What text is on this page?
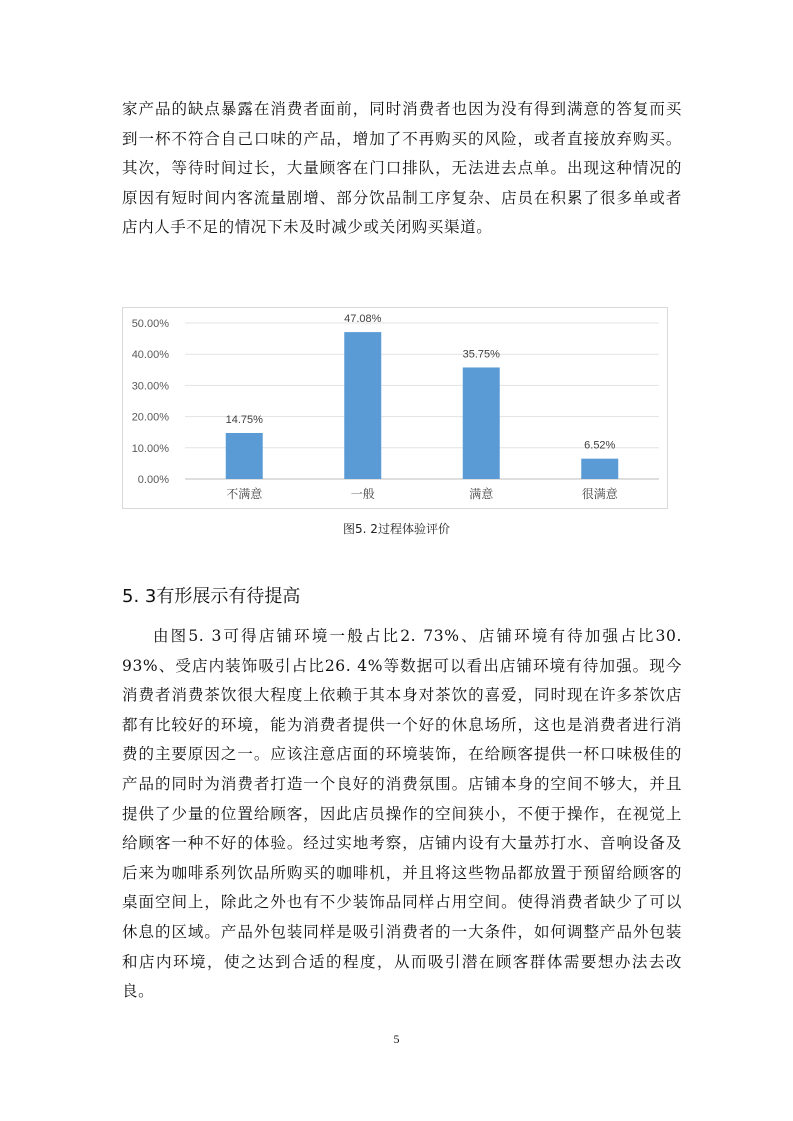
家产品的缺点暴露在消费者面前，同时消费者也因为没有得到满意的答复而买到一杯不符合自己口味的产品，增加了不再购买的风险，或者直接放弃购买。其次，等待时间过长，大量顾客在门口排队，无法进去点单。出现这种情况的原因有短时间内客流量剧增、部分饮品制工序复杂、店员在积累了很多单或者店内人手不足的情况下未及时减少或关闭购买渠道。

0.00%
10.00%
20.00%
30.00%
40.00%
50.00%
14.75%
不满意
47.08%
一般
35.75%
满意
6.52%
很满意
图5. 2过程体验评价
5. 3有形展示有待提高

由图5. 3可得店铺环境一般占比2. 73%、店铺环境有待加强占比30. 93%、受店内装饰吸引占比26. 4%等数据可以看出店铺环境有待加强。现今消费者消费茶饮很大程度上依赖于其本身对茶饮的喜爱，同时现在许多茶饮店都有比较好的环境，能为消费者提供一个好的休息场所，这也是消费者进行消费的主要原因之一。应该注意店面的环境装饰，在给顾客提供一杯口味极佳的产品的同时为消费者打造一个良好的消费氛围。店铺本身的空间不够大，并且提供了少量的位置给顾客，因此店员操作的空间狭小，不便于操作，在视觉上给顾客一种不好的体验。经过实地考察，店铺内设有大量苏打水、音响设备及后来为咖啡系列饮品所购买的咖啡机，并且将这些物品都放置于预留给顾客的桌面空间上，除此之外也有不少装饰品同样占用空间。使得消费者缺少了可以休息的区域。产品外包装同样是吸引消费者的一大条件，如何调整产品外包装和店内环境，使之达到合适的程度，从而吸引潜在顾客群体需要想办法去改良。

5
